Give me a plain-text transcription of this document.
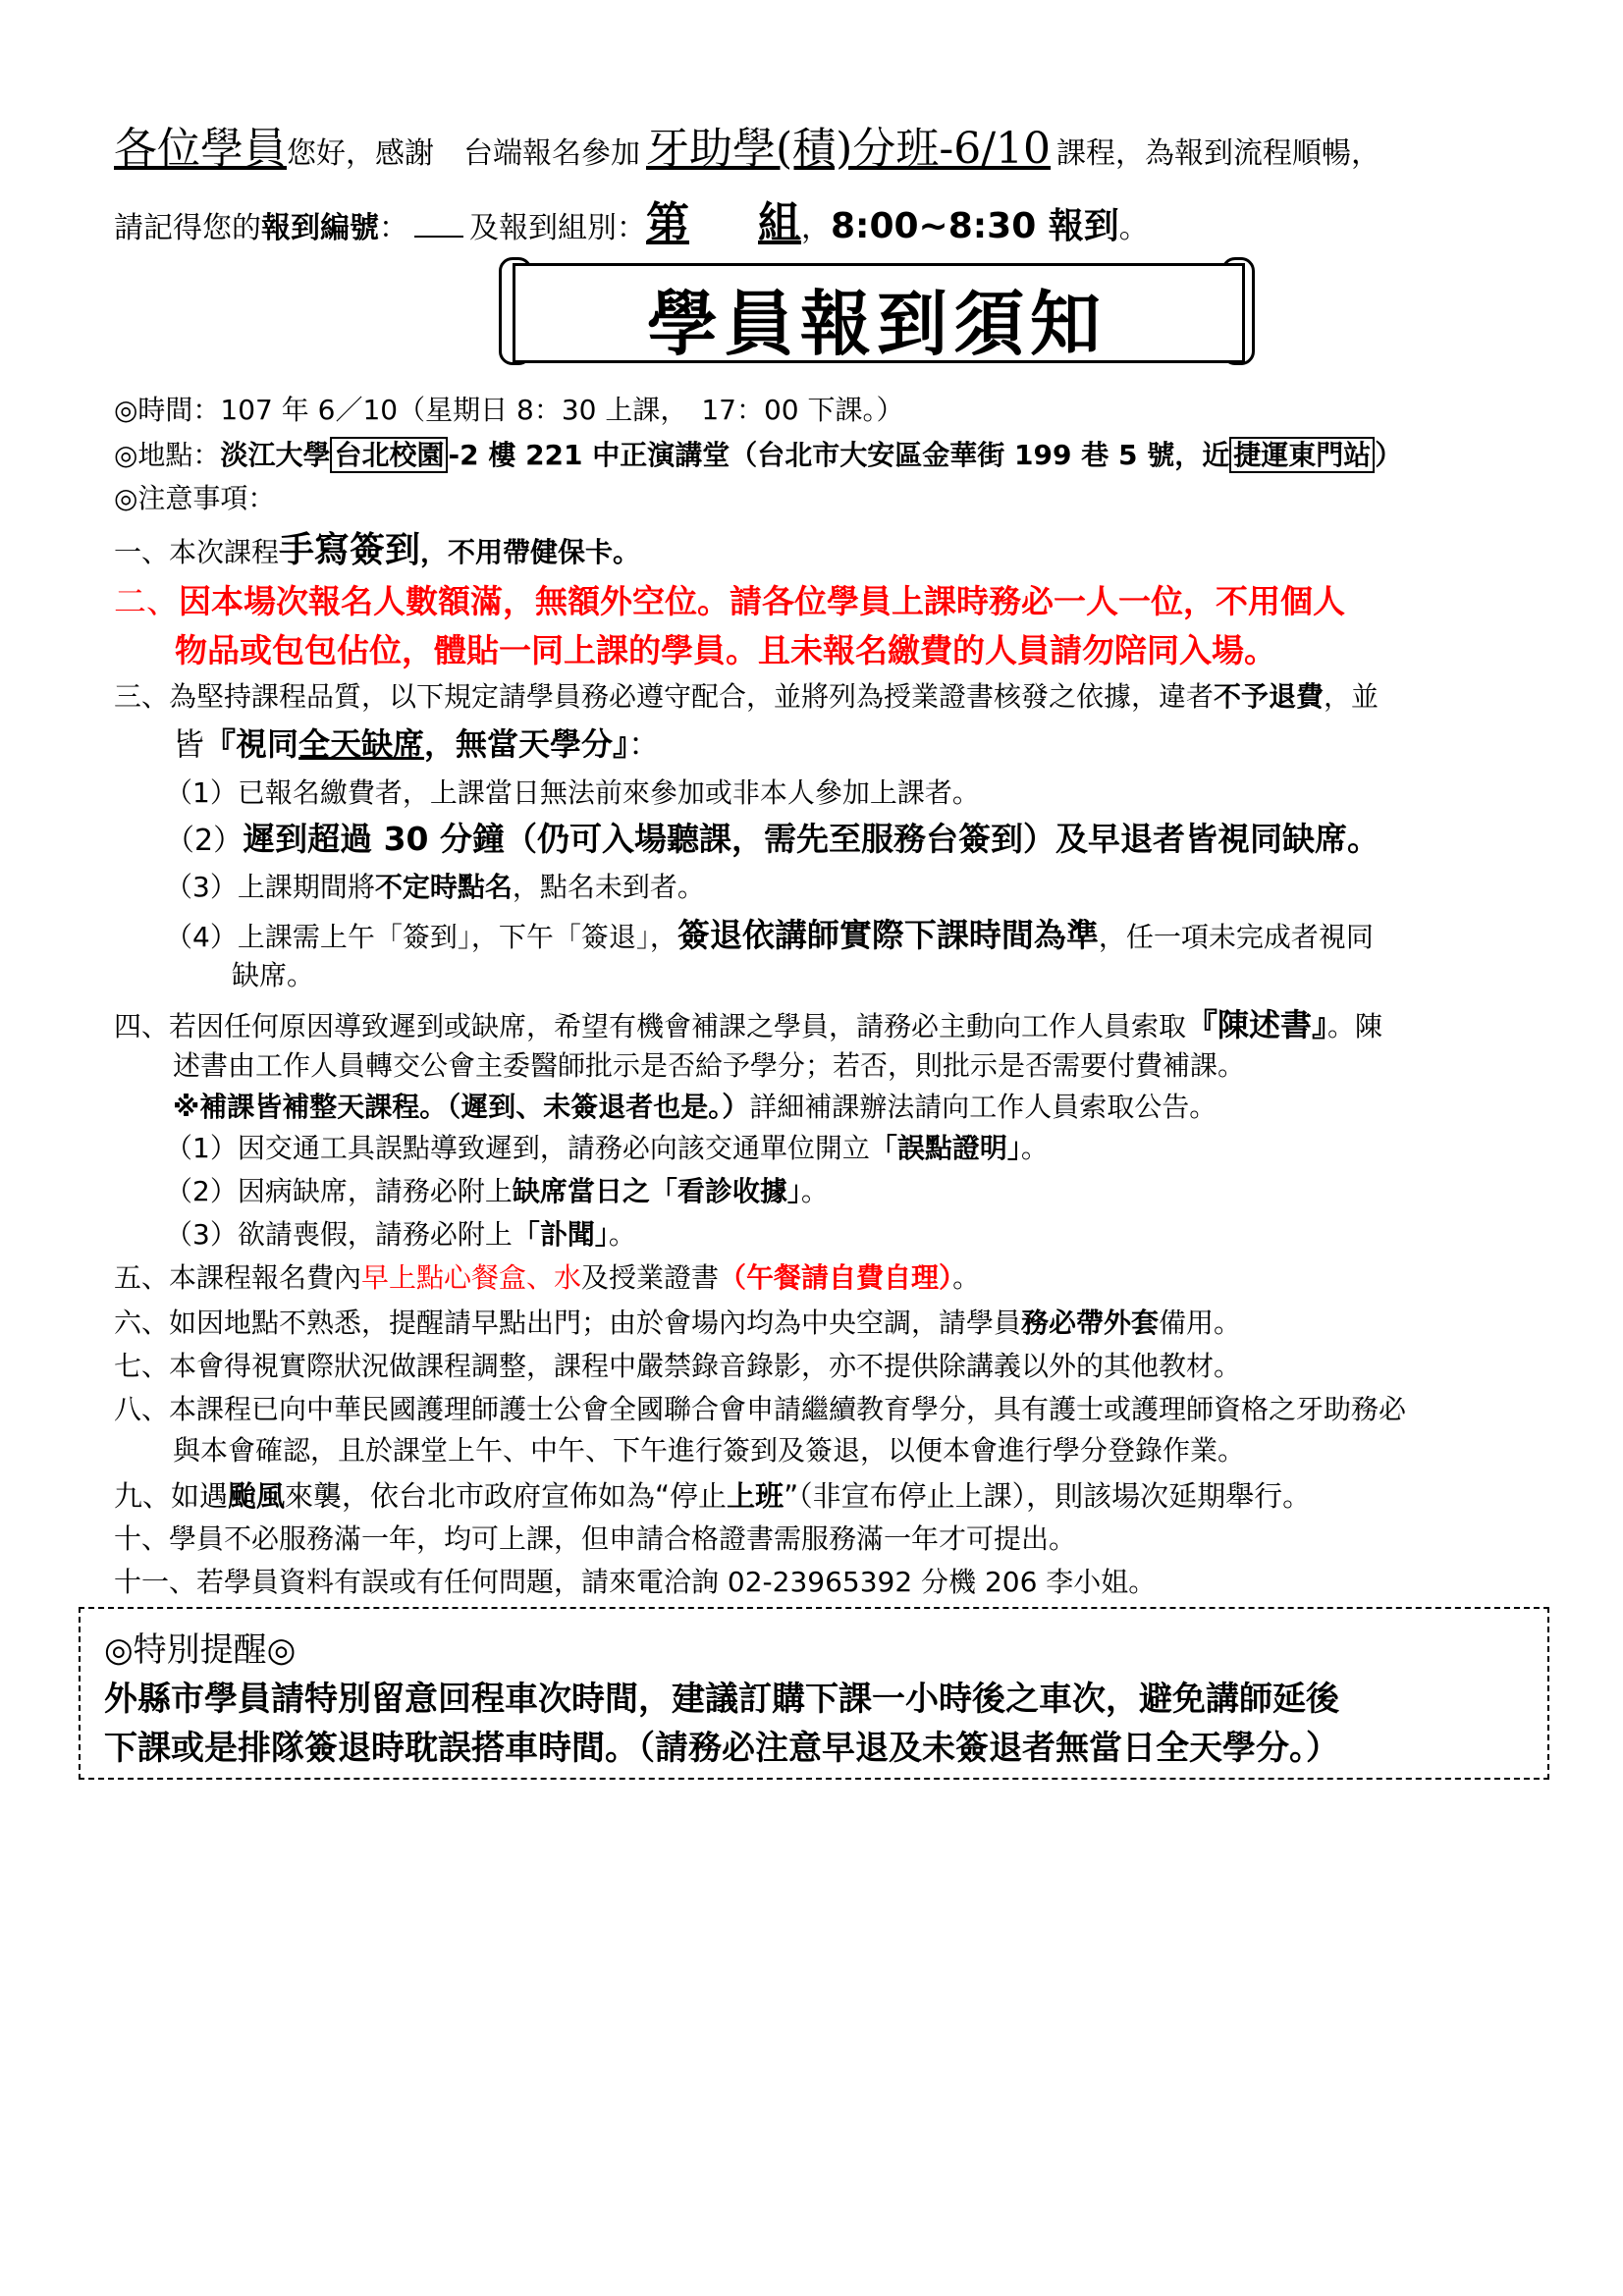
各位學員您好，感謝　台端報名參加 牙助學(積)分班-6/10 課程，為報到流程順暢，
請記得您的報到編號： 及報到組別：第 組，8:00~8:30 報到。
學員報到須知
◎時間：107 年 6／10（星期日 8：30 上課，　17：00 下課。）
◎地點：淡江大學 台北校園 -2 樓 221 中正演講堂（台北市大安區金華街 199 巷 5 號，近 捷運東門站 ）
◎注意事項：
一、本次課程手寫簽到，不用帶健保卡。
二、因本場次報名人數額滿，無額外空位。請各位學員上課時務必一人一位，不用個人
物品或包包佔位，體貼一同上課的學員。且未報名繳費的人員請勿陪同入場。
三、為堅持課程品質，以下規定請學員務必遵守配合，並將列為授業證書核發之依據，違者不予退費，並
皆『視同全天缺席，無當天學分』：
（1）已報名繳費者，上課當日無法前來參加或非本人參加上課者。
（2）遲到超過 30 分鐘（仍可入場聽課，需先至服務台簽到）及早退者皆視同缺席。
（3）上課期間將不定時點名，點名未到者。
（4）上課需上午「簽到」，下午「簽退」，簽退依講師實際下課時間為準，任一項未完成者視同
缺席。
四、若因任何原因導致遲到或缺席，希望有機會補課之學員，請務必主動向工作人員索取『陳述書』。陳
述書由工作人員轉交公會主委醫師批示是否給予學分；若否，則批示是否需要付費補課。
※補課皆補整天課程。（遲到、未簽退者也是。）詳細補課辦法請向工作人員索取公告。
（1）因交通工具誤點導致遲到，請務必向該交通單位開立「誤點證明」。
（2）因病缺席，請務必附上缺席當日之「看診收據」。
（3）欲請喪假，請務必附上「訃聞」。
五、本課程報名費內早上點心餐盒、水及授業證書（午餐請自費自理）。
六、如因地點不熟悉，提醒請早點出門；由於會場內均為中央空調，請學員務必帶外套備用。
七、本會得視實際狀況做課程調整，課程中嚴禁錄音錄影，亦不提供除講義以外的其他教材。
八、本課程已向中華民國護理師護士公會全國聯合會申請繼續教育學分，具有護士或護理師資格之牙助務必
與本會確認，且於課堂上午、中午、下午進行簽到及簽退，以便本會進行學分登錄作業。
九、如遇颱風來襲，依台北市政府宣佈如為“停止上班”（非宣布停止上課），則該場次延期舉行。
十、學員不必服務滿一年，均可上課，但申請合格證書需服務滿一年才可提出。
十一、若學員資料有誤或有任何問題，請來電洽詢 02-23965392 分機 206 李小姐。
◎特別提醒◎
外縣市學員請特別留意回程車次時間，建議訂購下課一小時後之車次，避免講師延後
下課或是排隊簽退時耽誤搭車時間。（請務必注意早退及未簽退者無當日全天學分。）
